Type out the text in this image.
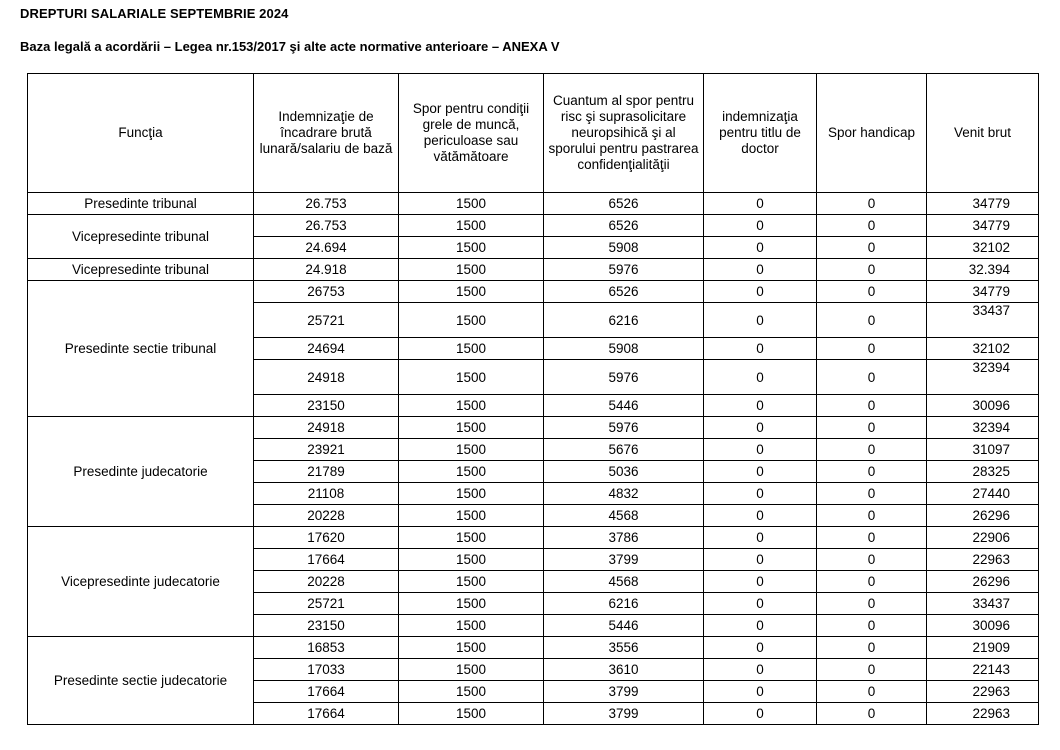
DREPTURI SALARIALE SEPTEMBRIE 2024
Baza legală a acordării – Legea nr.153/2017 şi alte acte normative anterioare – ANEXA V
Funcţia	Indemnizaţie de încadrare brută lunară/salariu de bază	Spor pentru condiţii grele de muncă, periculoase sau vătămătoare	Cuantum al spor pentru risc şi suprasolicitare neuropsihică şi al sporului pentru pastrarea confidenţialităţii	indemnizaţia pentru titlu de doctor	Spor handicap	Venit brut
Presedinte tribunal	26.753	1500	6526	0	0	34779
Vicepresedinte tribunal	26.753	1500	6526	0	0	34779
	24.694	1500	5908	0	0	32102
Vicepresedinte tribunal	24.918	1500	5976	0	0	32.394
Presedinte sectie tribunal	26753	1500	6526	0	0	34779
	25721	1500	6216	0	0	33437
	24694	1500	5908	0	0	32102
	24918	1500	5976	0	0	32394
	23150	1500	5446	0	0	30096
Presedinte judecatorie	24918	1500	5976	0	0	32394
	23921	1500	5676	0	0	31097
	21789	1500	5036	0	0	28325
	21108	1500	4832	0	0	27440
	20228	1500	4568	0	0	26296
Vicepresedinte judecatorie	17620	1500	3786	0	0	22906
	17664	1500	3799	0	0	22963
	20228	1500	4568	0	0	26296
	25721	1500	6216	0	0	33437
	23150	1500	5446	0	0	30096
Presedinte sectie judecatorie	16853	1500	3556	0	0	21909
	17033	1500	3610	0	0	22143
	17664	1500	3799	0	0	22963
	17664	1500	3799	0	0	22963
